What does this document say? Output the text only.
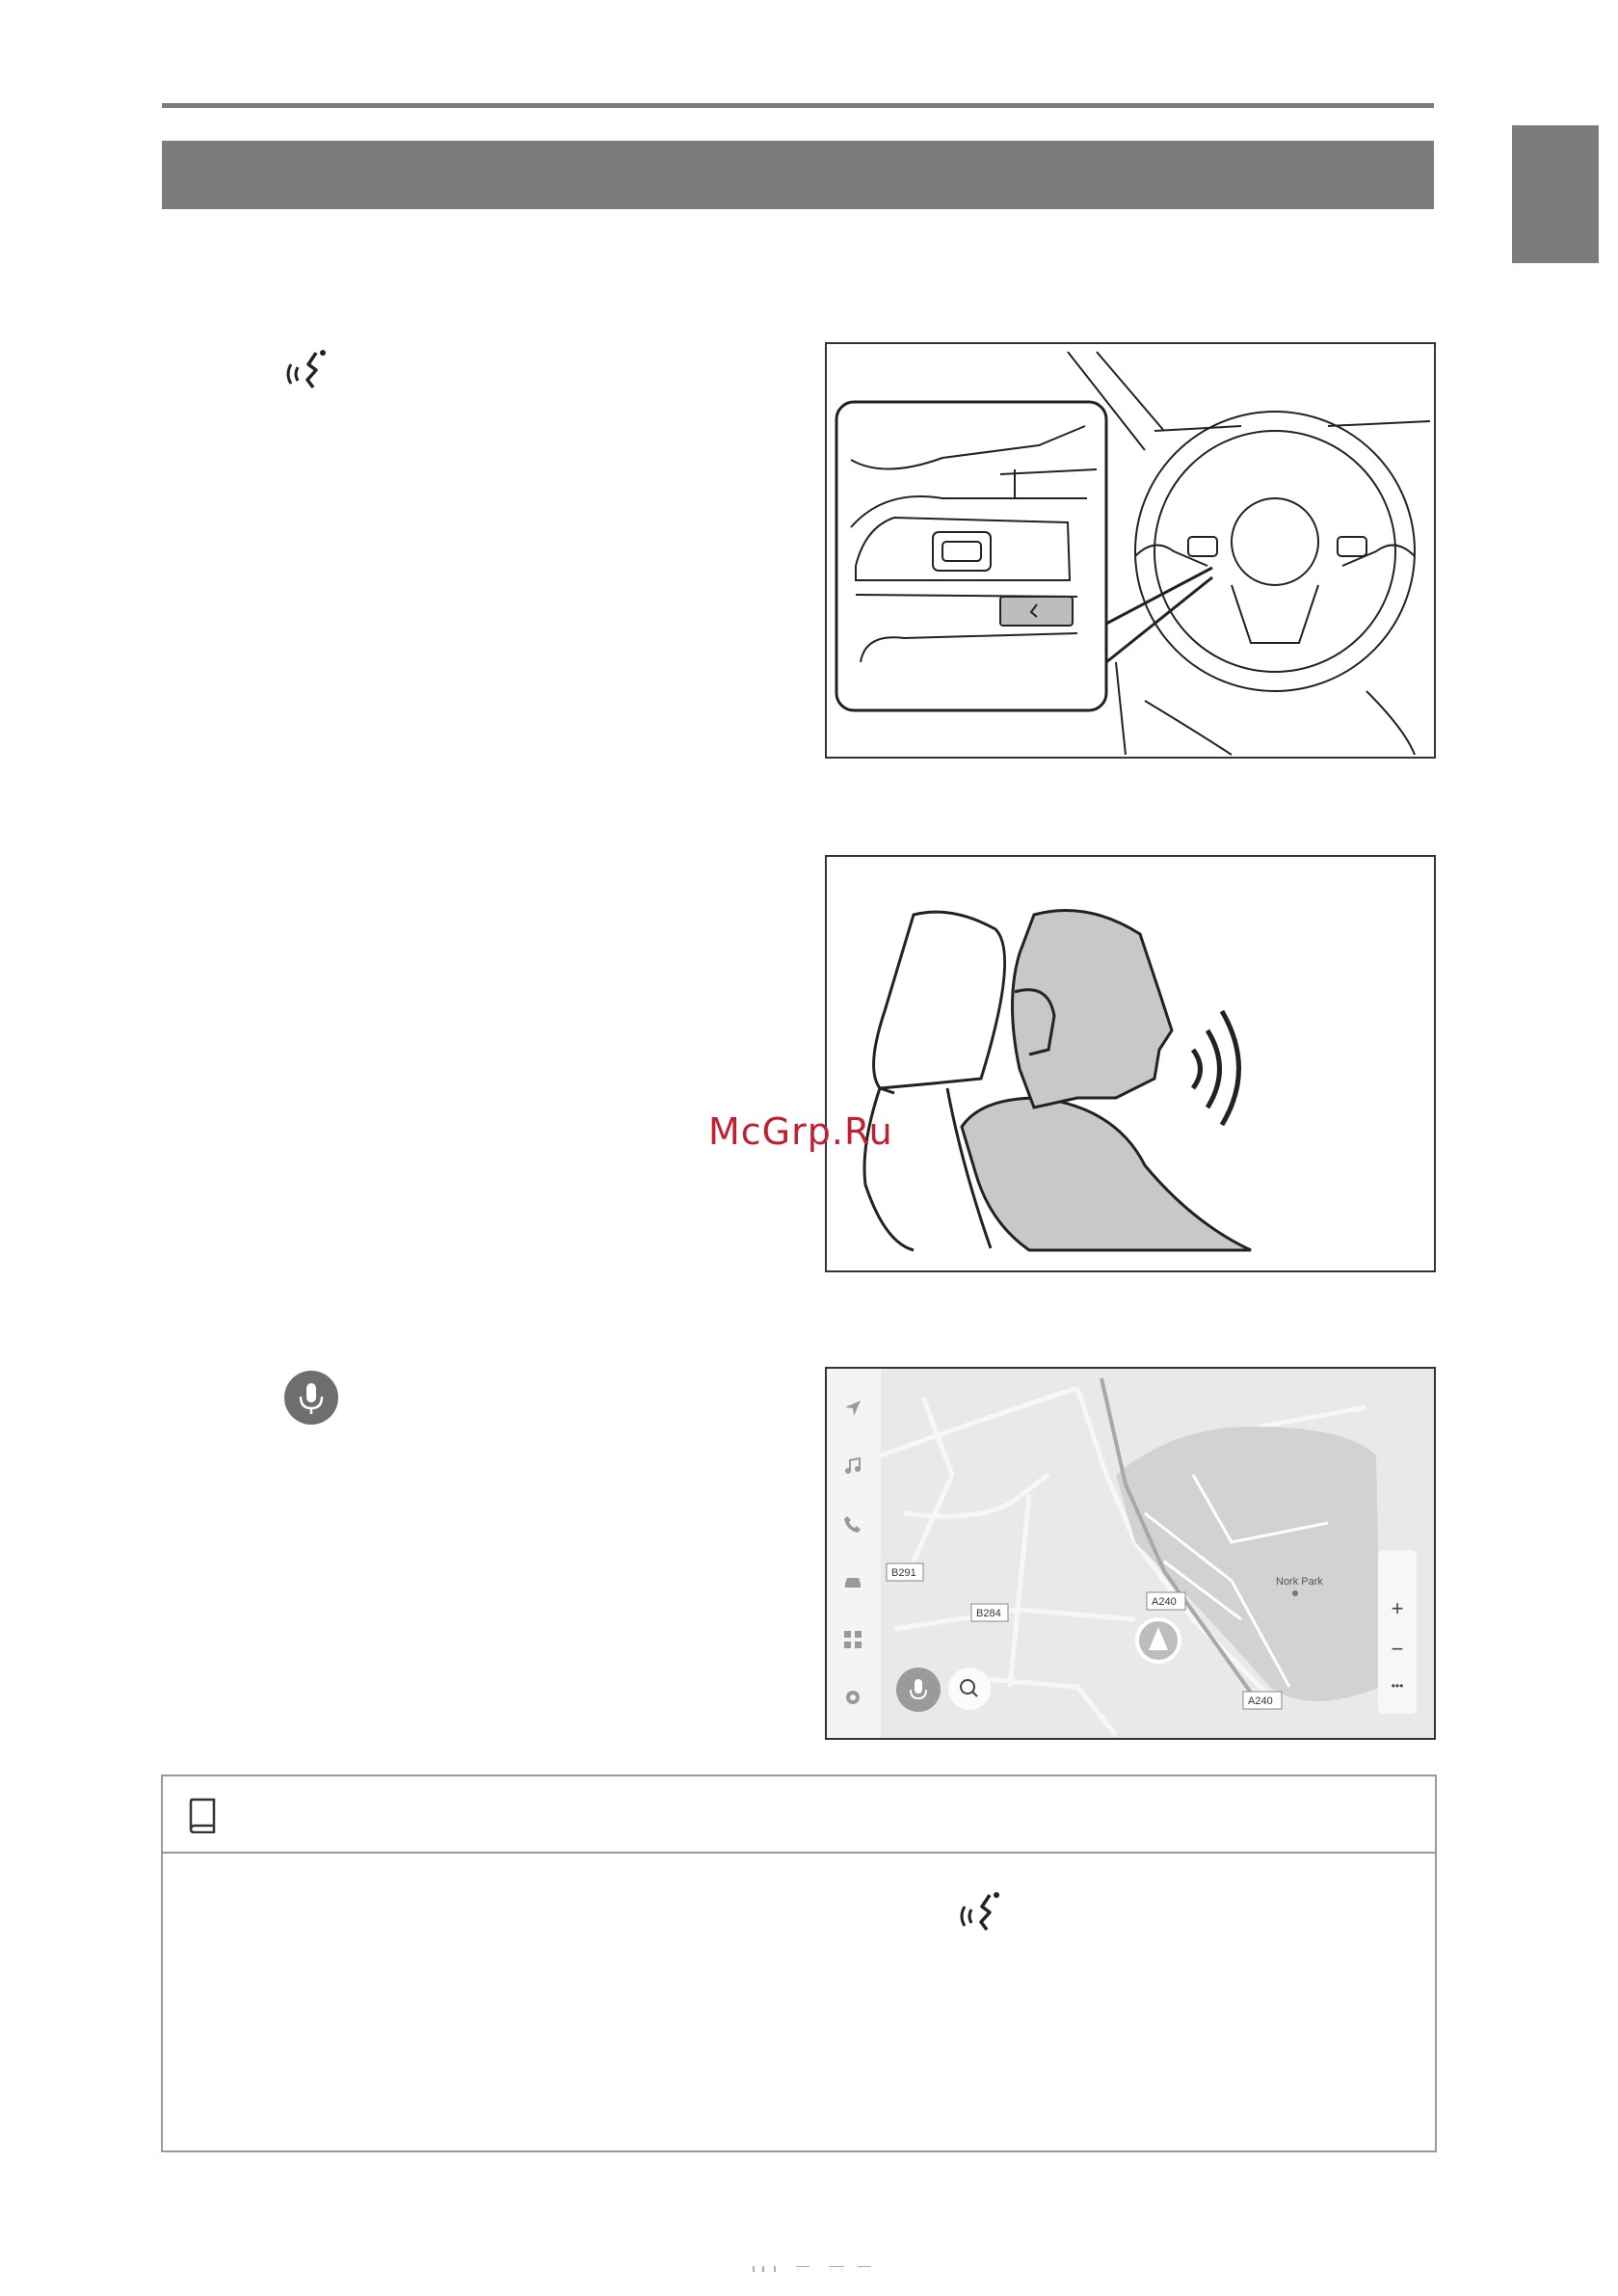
McGrp.Ru
Nork Park
B291
B284
A240
A240
+
−
•••
